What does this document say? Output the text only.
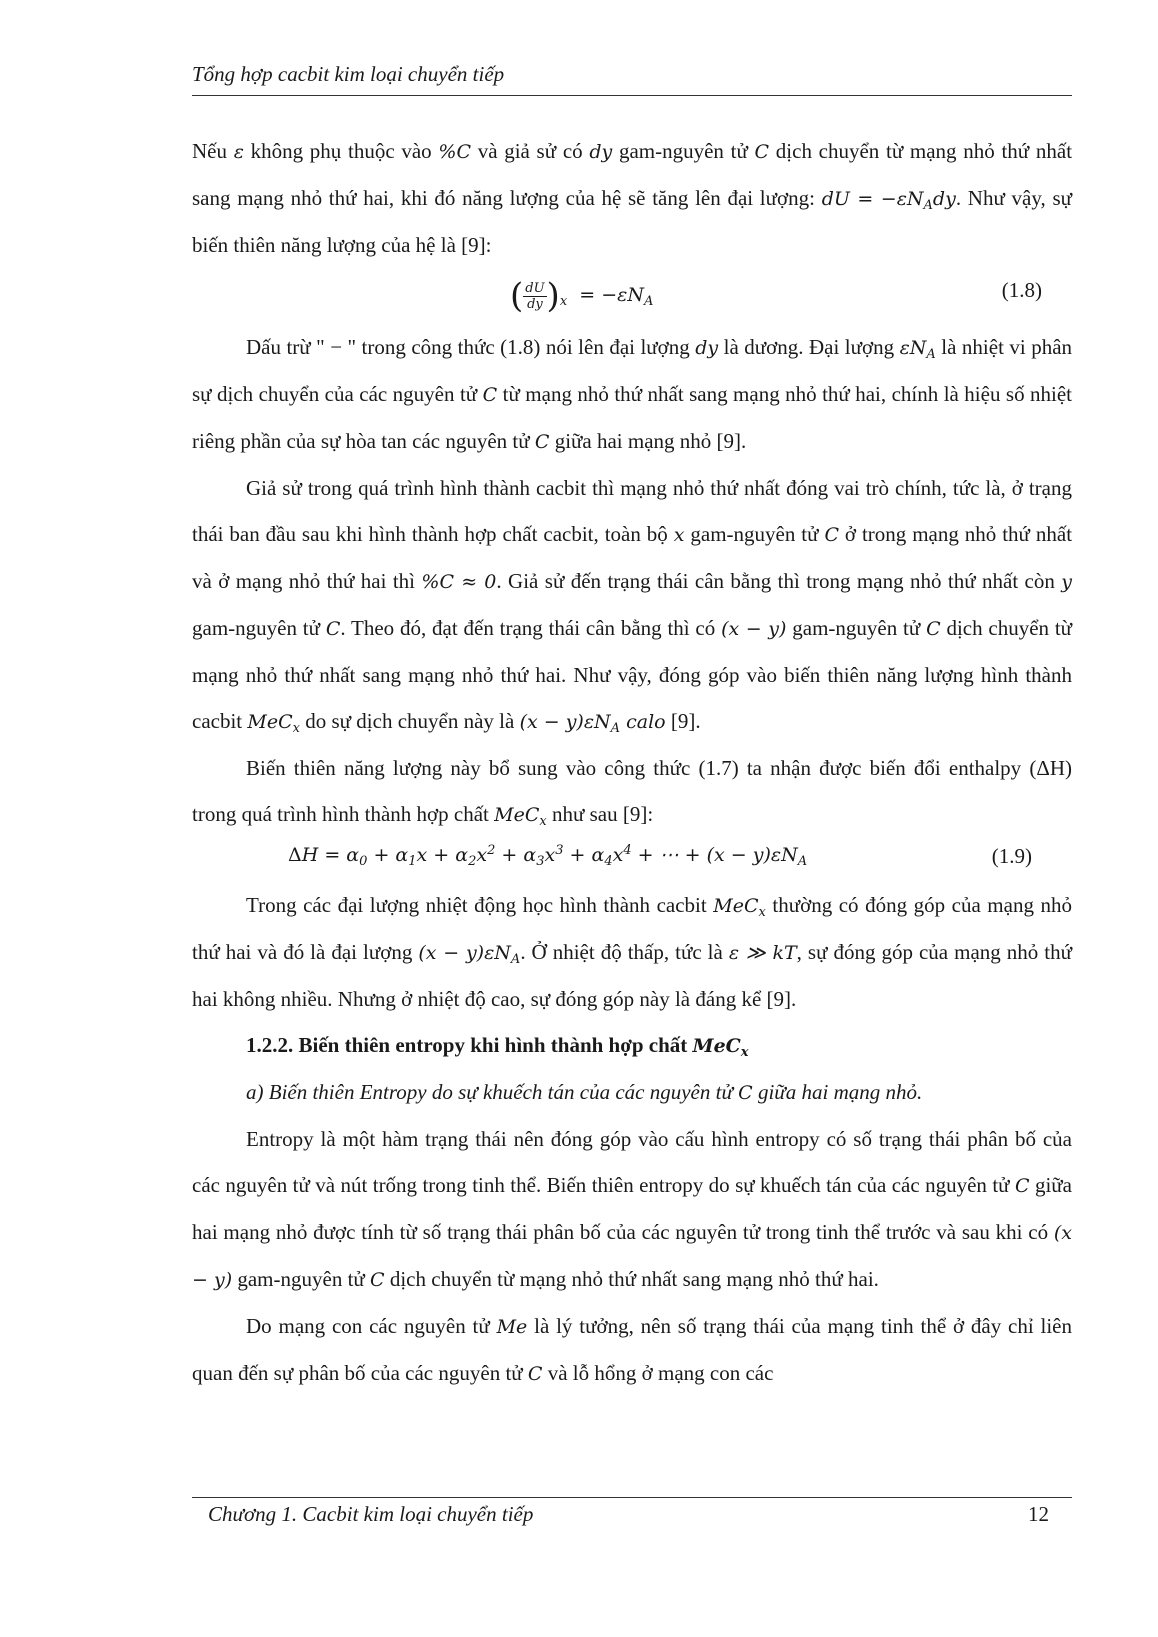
Tổng hợp cacbit kim loại chuyển tiếp

Nếu ε không phụ thuộc vào %C và giả sử có dy gam-nguyên tử C dịch chuyển từ mạng nhỏ thứ nhất sang mạng nhỏ thứ hai, khi đó năng lượng của hệ sẽ tăng lên đại lượng: dU = $-\varepsilon N_Ady$. Như vậy, sự biến thiên năng lượng của hệ là [9]:

( $\frac{dU}{dy} )_x = -\varepsilon N_A$	(1.8)

Dấu trừ " − " trong công thức (1.8) nói lên đại lượng dy là dương. Đại lượng $\varepsilon N_A$ là nhiệt vi phân sự dịch chuyển của các nguyên tử C từ mạng nhỏ thứ nhất sang mạng nhỏ thứ hai, chính là hiệu số nhiệt riêng phần của sự hòa tan các nguyên tử C giữa hai mạng nhỏ [9].

Giả sử trong quá trình hình thành cacbit thì mạng nhỏ thứ nhất đóng vai trò chính, tức là, ở trạng thái ban đầu sau khi hình thành hợp chất cacbit, toàn bộ x gam-nguyên tử C ở trong mạng nhỏ thứ nhất và ở mạng nhỏ thứ hai thì %C ≈ 0. Giả sử đến trạng thái cân bằng thì trong mạng nhỏ thứ nhất còn y gam-nguyên tử C. Theo đó, đạt đến trạng thái cân bằng thì có (x − y) gam-nguyên tử C dịch chuyển từ mạng nhỏ thứ nhất sang mạng nhỏ thứ hai. Như vậy, đóng góp vào biến thiên năng lượng hình thành cacbit MeC$_x$ do sự dịch chuyển này là $(x - y)\varepsilon N_A$ calo [9].

Biến thiên năng lượng này bổ sung vào công thức (1.7) ta nhận được biến đổi enthalpy (ΔH) trong quá trình hình thành hợp chất MeC$_x$ như sau [9]:

$\Delta H = \alpha_0 + \alpha_1x + \alpha_2x^2 + \alpha_3x^3 + \alpha_4x^4$ + ⋯ + $(x - y)\varepsilon N_A$	(1.9)

Trong các đại lượng nhiệt động học hình thành cacbit MeC$_x$ thường có đóng góp của mạng nhỏ thứ hai và đó là đại lượng $(x - y)\varepsilon N_A$. Ở nhiệt độ thấp, tức là ε ≫ kT, sự đóng góp của mạng nhỏ thứ hai không nhiều. Nhưng ở nhiệt độ cao, sự đóng góp này là đáng kể [9].

1.2.2. Biến thiên entropy khi hình thành hợp chất MeC$_x$
a) Biến thiên Entropy do sự khuếch tán của các nguyên tử C giữa hai mạng nhỏ.

Entropy là một hàm trạng thái nên đóng góp vào cấu hình entropy có số trạng thái phân bố của các nguyên tử và nút trống trong tinh thể. Biến thiên entropy do sự khuếch tán của các nguyên tử C giữa hai mạng nhỏ được tính từ số trạng thái phân bố của các nguyên tử trong tinh thể trước và sau khi có (x − y) gam-nguyên tử C dịch chuyển từ mạng nhỏ thứ nhất sang mạng nhỏ thứ hai.

Do mạng con các nguyên tử Me là lý tưởng, nên số trạng thái của mạng tinh thể ở đây chỉ liên quan đến sự phân bố của các nguyên tử C và lỗ hổng ở mạng con các

Chương 1. Cacbit kim loại chuyển tiếp	12
